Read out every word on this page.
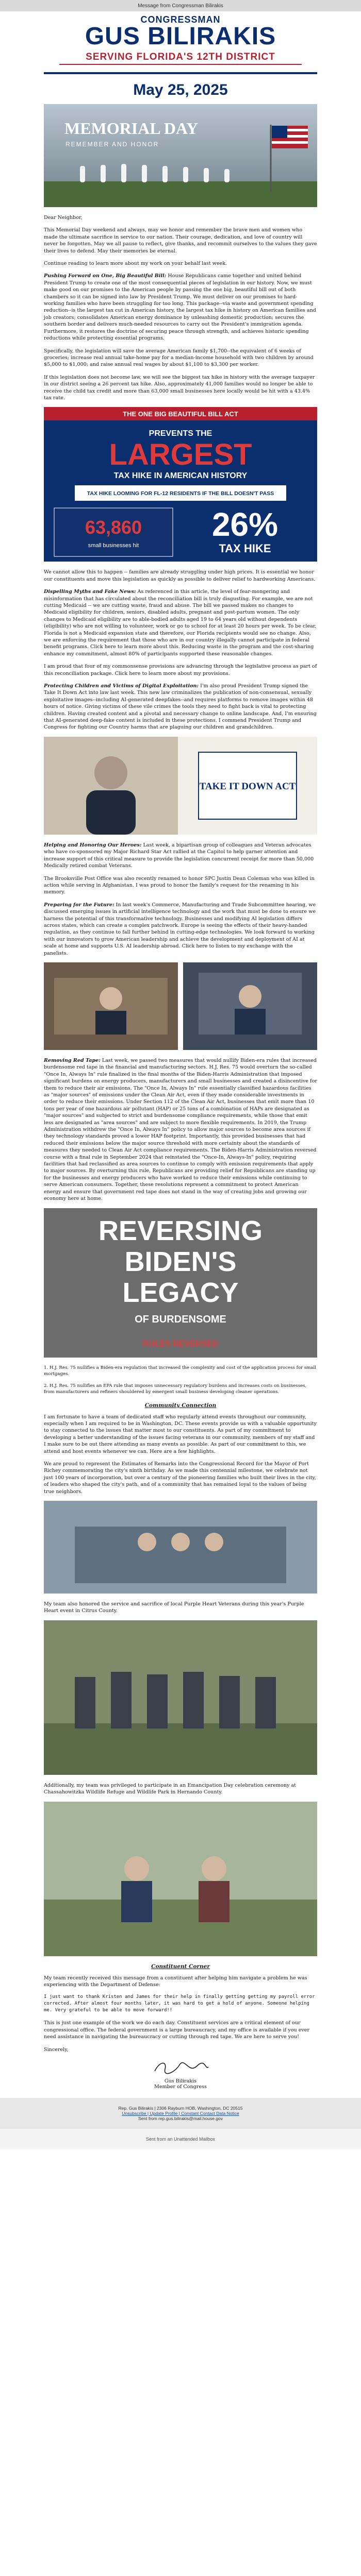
Message from Congressman Bilirakis
CONGRESSMAN
GUS BILIRAKIS
SERVING FLORIDA'S 12TH DISTRICT
May 25, 2025
MEMORIAL DAY
REMEMBER AND HONOR

Dear Neighbor,

This Memorial Day weekend and always, may we honor and remember the brave men and women who made the ultimate sacrifice in service to our nation. Their courage, dedication, and love of country will never be forgotten. May we all pause to reflect, give thanks, and recommit ourselves to the values they gave their lives to defend. May their memories be eternal.

Continue reading to learn more about my work on your behalf last week.

Pushing Forward on One, Big Beautiful Bill: House Republicans came together and united behind President Trump to create one of the most consequential pieces of legislation in our history. Now, we must make good on our promises to the American people by passing the one big, beautiful bill out of both chambers so it can be signed into law by President Trump. We must deliver on our promises to hard-working families who have been struggling for too long. This package--via waste and government spending reduction--is the largest tax cut in American history, the largest tax hike in history on American families and job creators; consolidates American energy dominance by unleashing domestic production; secures the southern border and delivers much-needed resources to carry out the President's immigration agenda. Furthermore, it restores the doctrine of securing peace through strength, and achieves historic spending reductions while protecting essential programs.

Specifically, the legislation will save the average American family $1,700--the equivalent of 6 weeks of groceries; increase real annual take-home pay for a median-income household with two children by around $5,000 to $1,000; and raise annual real wages by about $1,100 to $3,300 per worker.

If this legislation does not become law, we will see the biggest tax hike in history with the average taxpayer in our district seeing a 26 percent tax hike. Also, approximately 41,000 families would no longer be able to receive the child tax credit and more than 63,000 small businesses here locally would be hit with a 43.4% tax rate.

THE ONE BIG BEAUTIFUL BILL ACT
PREVENTS THE
LARGEST
TAX HIKE IN AMERICAN HISTORY
TAX HIKE LOOMING FOR FL-12 RESIDENTS IF THE BILL DOESN'T PASS
63,860
small businesses hit
26%
TAX HIKE

We cannot allow this to happen -- families are already struggling under high prices. It is essential we honor our constituents and move this legislation as quickly as possible to deliver relief to hardworking Americans.

Dispelling Myths and Fake News: As referenced in this article, the level of fear-mongering and misinformation that has circulated about the reconciliation bill is truly disgusting. For example, we are not cutting Medicaid -- we are cutting waste, fraud and abuse. The bill we passed makes no changes to Medicaid eligibility for children, seniors, disabled adults, pregnant and post-partum women. The only changes to Medicaid eligibility are to able-bodied adults aged 19 to 64 years old without dependents (eligibility) who are not willing to volunteer, work or go to school for at least 20 hours per week. To be clear, Florida is not a Medicaid expansion state and therefore, our Florida recipients would see no change. Also, we are enforcing the requirement that those who are in our country illegally cannot participate in federal benefit programs. Click here to learn more about this. Reducing waste in the program and the cost-sharing enhance my commitment, almost 80% of participants supported these reasonable changes.

I am proud that four of my commonsense provisions are advancing through the legislative process as part of this reconciliation package. Click here to learn more about my provisions.

Protecting Children and Victims of Digital Exploitation: I'm also proud President Trump signed the Take It Down Act into law last week. This new law criminalizes the publication of non-consensual, sexually exploitative images--including AI-generated deepfakes--and requires platforms to remove images within 48 hours of notice. Giving victims of these vile crimes the tools they need to fight back is vital to protecting children. Having created content and a pivotal and necessary change to online landscape. And, I'm ensuring that AI-generated deep-fake content is included in these protections. I commend President Trump and Congress for fighting our Country harms that are plaguing our children and grandchildren.

TAKE IT DOWN ACT

Helping and Honoring Our Heroes: Last week, a bipartisan group of colleagues and Veteran advocates who have co-sponsored my Major Richard Star Act rallied at the Capitol to help garner attention and increase support of this critical measure to provide the legislation concurrent receipt for more than 50,000 Medically retired combat Veterans.

The Brooksville Post Office was also recently renamed to honor SPC Justin Dean Coleman who was killed in action while serving in Afghanistan. I was proud to honor the family's request for the renaming in his memory.

Preparing for the Future: In last week's Commerce, Manufacturing and Trade Subcommittee hearing, we discussed emerging issues in artificial intelligence technology and the work that must be done to ensure we harness the potential of this transformative technology. Businesses and modifying AI legislation differs across states, which can create a complex patchwork. Europe is seeing the effects of their heavy-handed regulation, as they continue to fall further behind in cutting-edge technologies. We look forward to working with our innovators to grow American leadership and achieve the development and deployment of AI at scale at home and supports U.S. AI leadership abroad. Click here to listen to my exchange with the panelists.

Removing Red Tape: Last week, we passed two measures that would nullify Biden-era rules that increased burdensome red tape in the financial and manufacturing sectors. H.J. Res. 75 would overturn the so-called "Once In, Always In" rule finalized in the final months of the Biden-Harris Administration that imposed significant burdens on energy producers, manufacturers and small businesses and created a disincentive for them to reduce their air emissions. The "Once In, Always In" rule essentially classified hazardous facilities as "major sources" of emissions under the Clean Air Act, even if they made considerable investments in order to reduce their emissions. Under Section 112 of the Clean Air Act, businesses that emit more than 10 tons per year of one hazardous air pollutant (HAP) or 25 tons of a combination of HAPs are designated as "major sources" and subjected to strict and burdensome compliance requirements, while those that emit less are designated as "area sources" and are subject to more flexible requirements. In 2019, the Trump Administration withdrew the "Once In, Always In" policy to allow major sources to become area sources if they technology standards proved a lower HAP footprint. Importantly, this provided businesses that had reduced their emissions below the major source threshold with more certainty about the standards of measures they needed to Clean Air Act compliance requirements. The Biden-Harris Administration reversed course with a final rule in September 2024 that reinstated the "Once-In, Always-In" policy, requiring facilities that had reclassified as area sources to continue to comply with emission requirements that apply to major sources. By overturning this rule, Republicans are providing relief for Republicans are standing up for the businesses and energy producers who have worked to reduce their emissions while continuing to serve American consumers. Together, these resolutions represent a commitment to protect American energy and ensure that government red tape does not stand in the way of creating jobs and growing our economy here at home.

REVERSING
BIDEN'S
LEGACY
OF BURDENSOME
RULES REVERSED

1. H.J. Res. 75 nullifies a Biden-era regulation that increased the complexity and cost of the application process for small mortgages.

2. H.J. Res. 75 nullifies an EPA rule that imposes unnecessary regulatory burdens and increases costs on businesses, from manufacturers and refiners shouldered by emergent small business developing cleaner operations.

Community Connection

I am fortunate to have a team of dedicated staff who regularly attend events throughout our community, especially when I am required to be in Washington, DC. These events provide us with a valuable opportunity to stay connected to the issues that matter most to our constituents. As part of my commitment to developing a better understanding of the issues facing veterans in our community, members of my staff and I make sure to be out there attending as many events as possible. As part of our commitment to this, we attend and host events whenever we can. Here are a few highlights.

We are proud to represent the Estimates of Remarks into the Congressional Record for the Mayor of Port Richey commemorating the city's ninth birthday. As we made this centennial milestone, we celebrate not just 100 years of incorporation, but over a century of the pioneering families who built their lives in the city, of leaders who shaped the city's path, and of a community that has remained loyal to the values of being true neighbors.

My team also honored the service and sacrifice of local Purple Heart Veterans during this year's Purple Heart event in Citrus County.

Additionally, my team was privileged to participate in an Emancipation Day celebration ceremony at Chassahowitzka Wildlife Refuge and Wildlife Park in Hernando County.

Constituent Corner

My team recently received this message from a constituent after helping him navigate a problem he was experiencing with the Department of Defense:

I just want to thank Kristen and James for their help in finally getting getting my payroll error corrected. After almost four months later, it was hard to get a hold of anyone. Someone helping me. Very grateful to be able to move forward!!

This is just one example of the work we do each day. Constituent services are a critical element of our congressional office. The federal government is a large bureaucracy, and my office is available if you ever need assistance in navigating the bureaucracy or cutting through red tape. We are here to serve you!

Sincerely,

Gus Bilirakis
Gus Bilirakis
Member of Congress
Rep. Gus Bilirakis | 2306 Rayburn HOB, Washington, DC 20515
Unsubscribe | Update Profile | Constant Contact Data Notice
Sent from rep.gus.bilirakis@mail.house.gov
Sent from an Unattended Mailbox
